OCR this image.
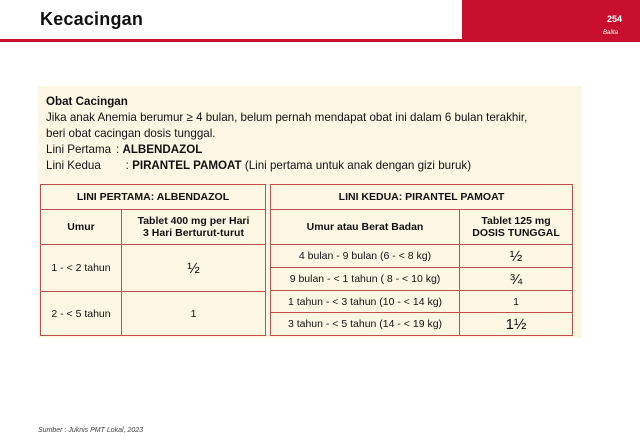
Kecacingan	254
Balita
Obat Cacingan
Jika anak Anemia berumur ≥ 4 bulan, belum pernah mendapat obat ini dalam 6 bulan terakhir,
beri obat cacingan dosis tunggal.
Lini Pertama : ALBENDAZOL
Lini Kedua   : PIRANTEL PAMOAT (Lini pertama untuk anak dengan gizi buruk)
LINI PERTAMA: ALBENDAZOL	
Umur	Tablet 400 mg per Hari
3 Hari Berturut-turut

1 - < 2 tahun	½
2 - < 5 tahun	1
LINI KEDUA: PIRANTEL PAMOAT	
Umur atau Berat Badan	Tablet 125 mg
DOSIS TUNGGAL

4 bulan - 9 bulan (6 - < 8 kg)	½
9 bulan - < 1 tahun ( 8 - < 10 kg)	¾
1 tahun - < 3 tahun (10 - < 14 kg)	1
3 tahun - < 5 tahun (14 - < 19 kg)	1½
Sumber : Juknis PMT Lokal, 2023
